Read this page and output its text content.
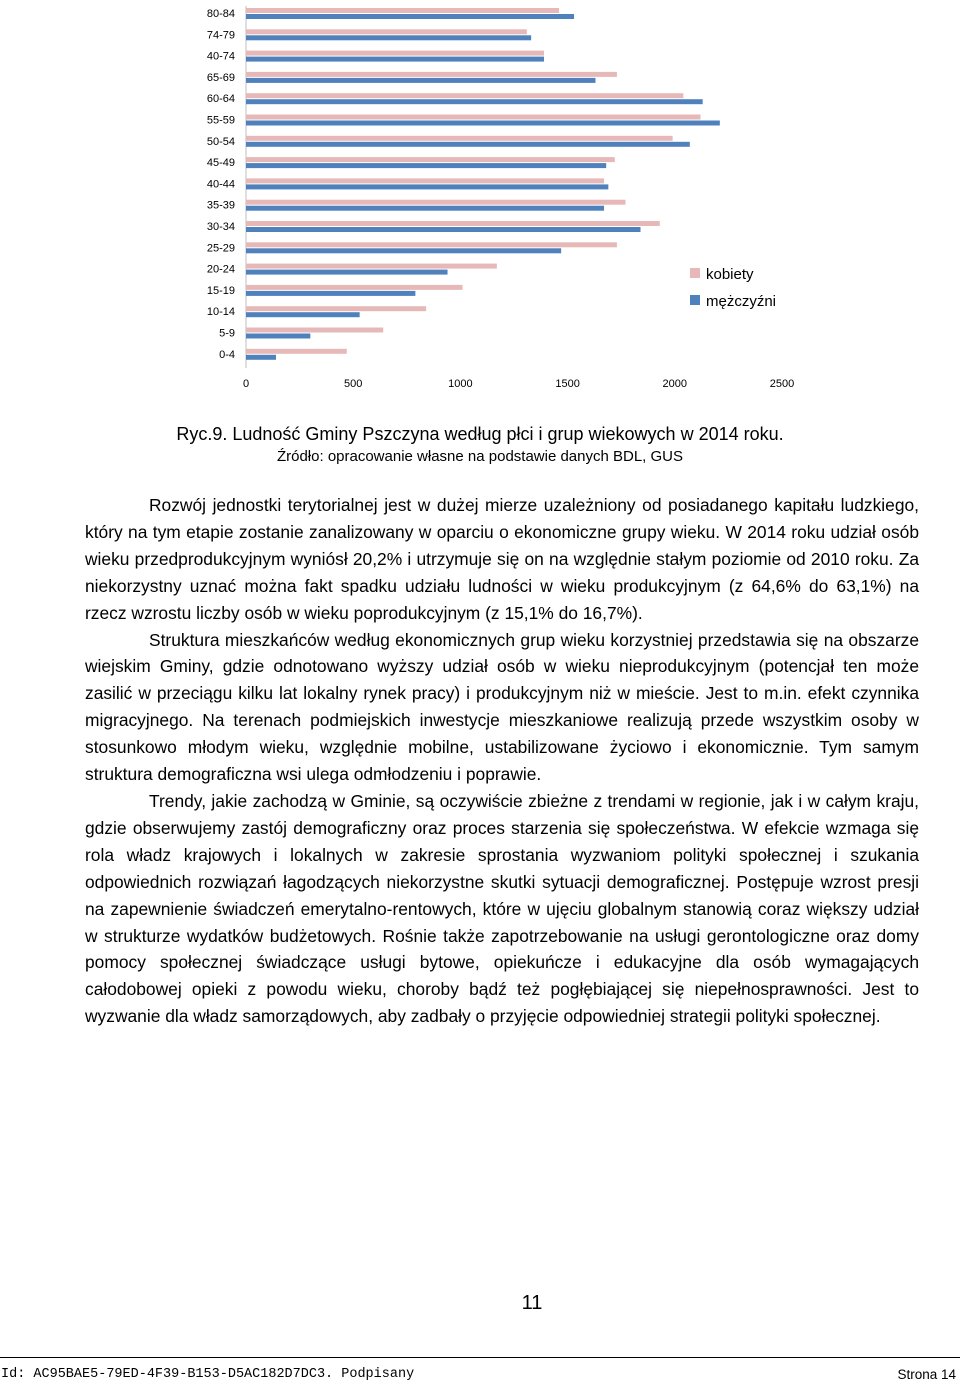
80-84
74-79
40-74
65-69
60-64
55-59
50-54
45-49
40-44
35-39
30-34
25-29
20-24
15-19
10-14
5-9
0-4
0	500	1000	1500	2000	2500
kobiety
mężczyźni
Ryc.9. Ludność Gminy Pszczyna według płci i grup wiekowych w 2014 roku.
Źródło: opracowanie własne na podstawie danych BDL, GUS

Rozwój jednostki terytorialnej jest w dużej mierze uzależniony od posiadanego kapitału ludzkiego, który na tym etapie zostanie zanalizowany w oparciu o ekonomiczne grupy wieku. W 2014 roku udział osób wieku przedprodukcyjnym wyniósł 20,2% i utrzymuje się on na względnie stałym poziomie od 2010 roku. Za niekorzystny uznać można fakt spadku udziału ludności w wieku produkcyjnym (z 64,6% do 63,1%) na rzecz wzrostu liczby osób w wieku poprodukcyjnym (z 15,1% do 16,7%).

Struktura mieszkańców według ekonomicznych grup wieku korzystniej przedstawia się na obszarze wiejskim Gminy, gdzie odnotowano wyższy udział osób w wieku nieprodukcyjnym (potencjał ten może zasilić w przeciągu kilku lat lokalny rynek pracy) i produkcyjnym niż w mieście. Jest to m.in. efekt czynnika migracyjnego. Na terenach podmiejskich inwestycje mieszkaniowe realizują przede wszystkim osoby w stosunkowo młodym wieku, względnie mobilne, ustabilizowane życiowo i ekonomicznie. Tym samym struktura demograficzna wsi ulega odmłodzeniu i poprawie.

Trendy, jakie zachodzą w Gminie, są oczywiście zbieżne z trendami w regionie, jak i w całym kraju, gdzie obserwujemy zastój demograficzny oraz proces starzenia się społeczeństwa. W efekcie wzmaga się rola władz krajowych i lokalnych w zakresie sprostania wyzwaniom polityki społecznej i szukania odpowiednich rozwiązań łagodzących niekorzystne skutki sytuacji demograficznej. Postępuje wzrost presji na zapewnienie świadczeń emerytalno-rentowych, które w ujęciu globalnym stanowią coraz większy udział w strukturze wydatków budżetowych. Rośnie także zapotrzebowanie na usługi gerontologiczne oraz domy pomocy społecznej świadczące usługi bytowe, opiekuńcze i edukacyjne dla osób wymagających całodobowej opieki z powodu wieku, choroby bądź też pogłębiającej się niepełnosprawności. Jest to wyzwanie dla władz samorządowych, aby zadbały o przyjęcie odpowiedniej strategii polityki społecznej.

11
Id: AC95BAE5-79ED-4F39-B153-D5AC182D7DC3. Podpisany	Strona 14
